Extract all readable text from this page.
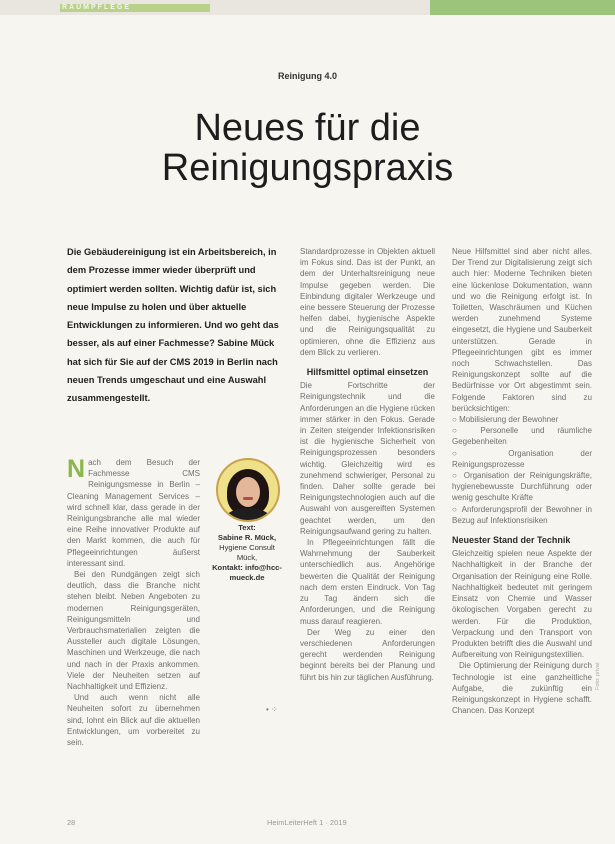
RAUMPFLEGE
Reinigung 4.0
Neues für die
Reinigungspraxis
Die Gebäudereinigung ist ein Arbeitsbereich, in dem Prozesse immer wieder überprüft und optimiert werden sollten. Wichtig dafür ist, sich neue Impulse zu holen und über aktuelle Entwicklungen zu informieren. Und wo geht das besser, als auf einer Fachmesse? Sabine Mück hat sich für Sie auf der CMS 2019 in Berlin nach neuen Trends umgeschaut und eine Auswahl zusammengestellt.

Nach dem Besuch der Fachmesse CMS Reinigungsmesse in Berlin – Cleaning Management Services – wird schnell klar, dass gerade in der Reinigungsbranche alle mal wieder eine Reihe innovativer Produkte auf den Markt kommen, die auch für Pflegeeinrichtungen äußerst interessant sind.

Bei den Rundgängen zeigt sich deutlich, dass die Branche nicht stehen bleibt. Neben Angeboten zu modernen Reinigungsgeräten, Reinigungsmitteln und Verbrauchsmaterialien zeigten die Aussteller auch digitale Lösungen, Maschinen und Werkzeuge, die nach und nach in der Praxis ankommen. Viele der Neuheiten setzen auf Nachhaltigkeit und Effizienz.

Und auch wenn nicht alle Neuheiten sofort zu übernehmen sind, lohnt ein Blick auf die aktuellen Entwicklungen, um vorbereitet zu sein.

Text:
Sabine R. Mück,
Hygiene Consult Mück,
Kontakt: info@hcc-mueck.de
• ⁘

Standardprozesse in Objekten aktuell im Fokus sind. Das ist der Punkt, an dem der Unterhaltsreinigung neue Impulse gegeben werden. Die Einbindung digitaler Werkzeuge und eine bessere Steuerung der Prozesse helfen dabei, hygienische Aspekte und die Reinigungsqualität zu optimieren, ohne die Effizienz aus dem Blick zu verlieren.

Hilfsmittel optimal einsetzen

Die Fortschritte der Reinigungstechnik und die Anforderungen an die Hygiene rücken immer stärker in den Fokus. Gerade in Zeiten steigender Infektionsrisiken ist die hygienische Sicherheit von Reinigungsprozessen besonders wichtig. Gleichzeitig wird es zunehmend schwieriger, Personal zu finden. Daher sollte gerade bei Reinigungstechnologien auch auf die Auswahl von ausgereiften Systemen geachtet werden, um den Reinigungsaufwand gering zu halten.

In Pflegeeinrichtungen fällt die Wahrnehmung der Sauberkeit unterschiedlich aus. Angehörige bewerten die Qualität der Reinigung nach dem ersten Eindruck. Von Tag zu Tag ändern sich die Anforderungen, und die Reinigung muss darauf reagieren.

Der Weg zu einer den verschiedenen Anforderungen gerecht werdenden Reinigung beginnt bereits bei der Planung und führt bis hin zur täglichen Ausführung.

Neue Hilfsmittel sind aber nicht alles. Der Trend zur Digitalisierung zeigt sich auch hier: Moderne Techniken bieten eine lückenlose Dokumentation, wann und wo die Reinigung erfolgt ist. In Toiletten, Waschräumen und Küchen werden zunehmend Systeme eingesetzt, die Hygiene und Sauberkeit unterstützen. Gerade in Pflegeeinrichtungen gibt es immer noch Schwachstellen. Das Reinigungskonzept sollte auf die Bedürfnisse vor Ort abgestimmt sein. Folgende Faktoren sind zu berücksichtigen:

○ Mobilisierung der Bewohner

○ Personelle und räumliche Gegebenheiten

○ Organisation der Reinigungsprozesse

○ Organisation der Reinigungskräfte, hygienebewusste Durchführung oder wenig geschulte Kräfte

○ Anforderungsprofil der Bewohner in Bezug auf Infektionsrisiken

Neuester Stand der Technik

Gleichzeitig spielen neue Aspekte der Nachhaltigkeit in der Branche der Organisation der Reinigung eine Rolle. Nachhaltigkeit bedeutet mit geringem Einsatz von Chemie und Wasser ökologischen Vorgaben gerecht zu werden. Für die Produktion, Verpackung und den Transport von Produkten betrifft dies die Auswahl und Aufbereitung von Reinigungstextilien.

Die Optimierung der Reinigung durch Technologie ist eine ganzheitliche Aufgabe, die zukünftig ein Reinigungskonzept in Hygiene schafft. Chancen. Das Konzept

28	HeimLeiterHeft 1 · 2019
Foto: privat
